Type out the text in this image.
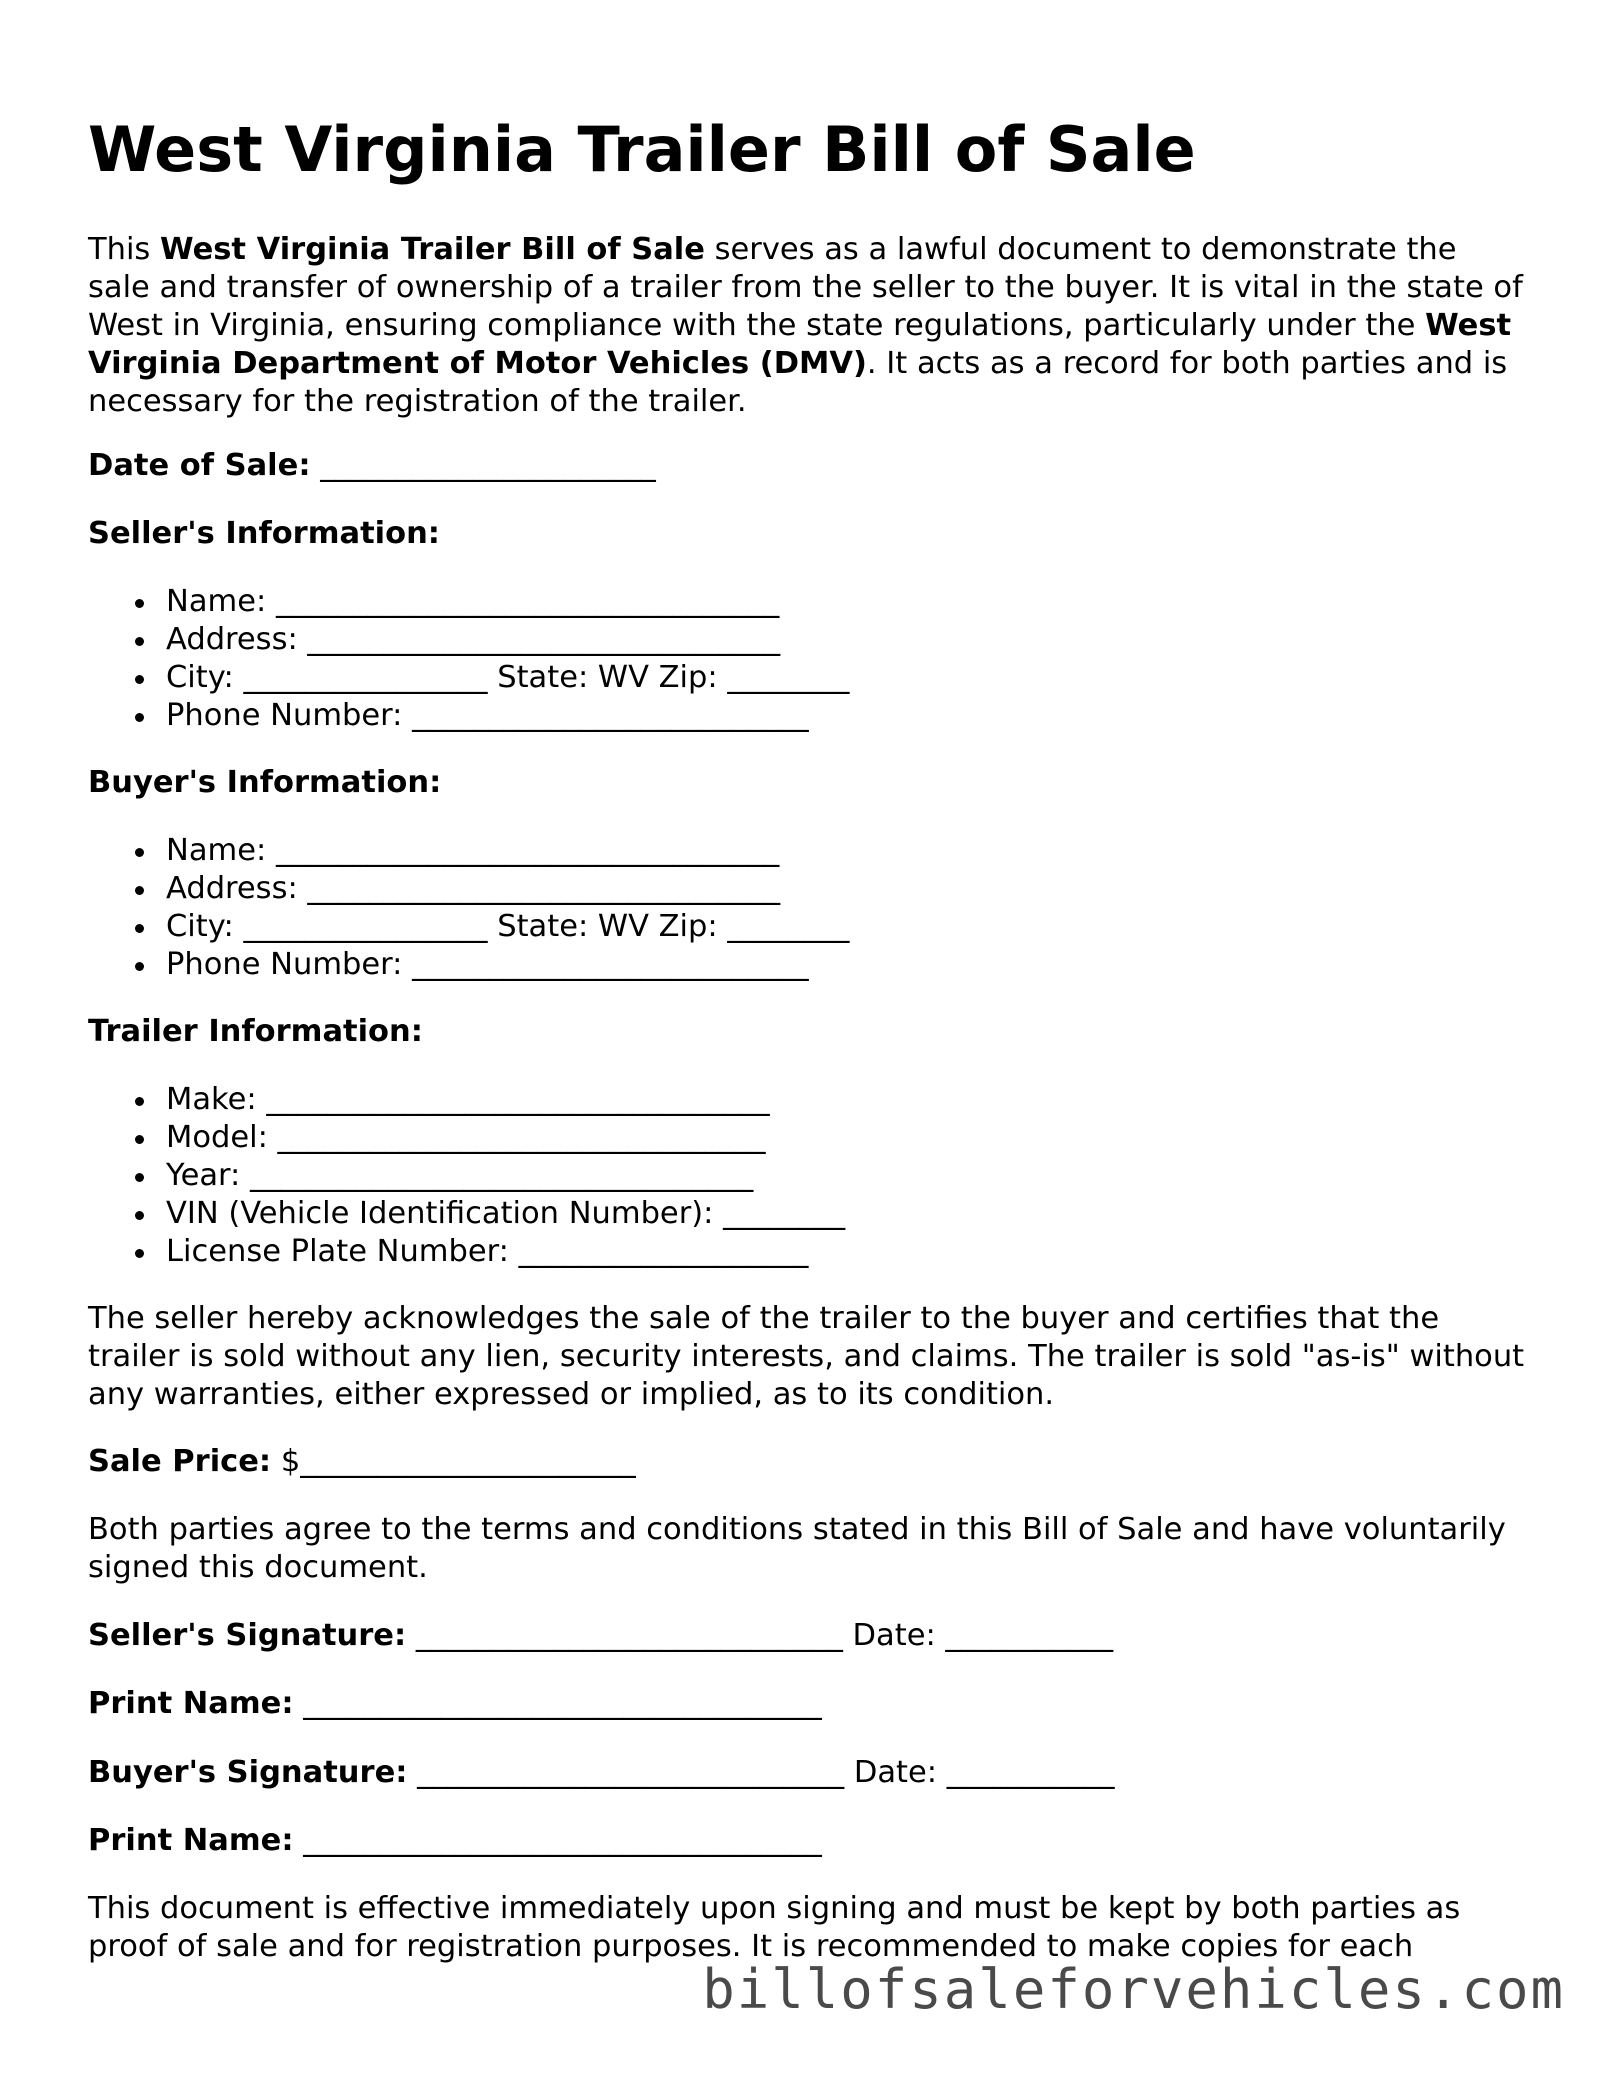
West Virginia Trailer Bill of Sale

This West Virginia Trailer Bill of Sale serves as a lawful document to demonstrate the sale and transfer of ownership of a trailer from the seller to the buyer. It is vital in the state of West in Virginia, ensuring compliance with the state regulations, particularly under the West Virginia Department of Motor Vehicles (DMV). It acts as a record for both parties and is necessary for the registration of the trailer.

Date of Sale: ______________________

Seller's Information:

Name: _________________________________
Address: _______________________________
City: ________________ State: WV Zip: ________
Phone Number: __________________________

Buyer's Information:

Name: _________________________________
Address: _______________________________
City: ________________ State: WV Zip: ________
Phone Number: __________________________

Trailer Information:

Make: _________________________________
Model: ________________________________
Year: _________________________________
VIN (Vehicle Identification Number): ________
License Plate Number: ___________________

The seller hereby acknowledges the sale of the trailer to the buyer and certifies that the trailer is sold without any lien, security interests, and claims. The trailer is sold "as-is" without any warranties, either expressed or implied, as to its condition.

Sale Price: $______________________

Both parties agree to the terms and conditions stated in this Bill of Sale and have voluntarily signed this document.

Seller's Signature: ____________________________ Date: ___________

Print Name: __________________________________

Buyer's Signature: ____________________________ Date: ___________

Print Name: __________________________________

This document is effective immediately upon signing and must be kept by both parties as proof of sale and for registration purposes. It is recommended to make copies for each

billofsaleforvehicles.com
